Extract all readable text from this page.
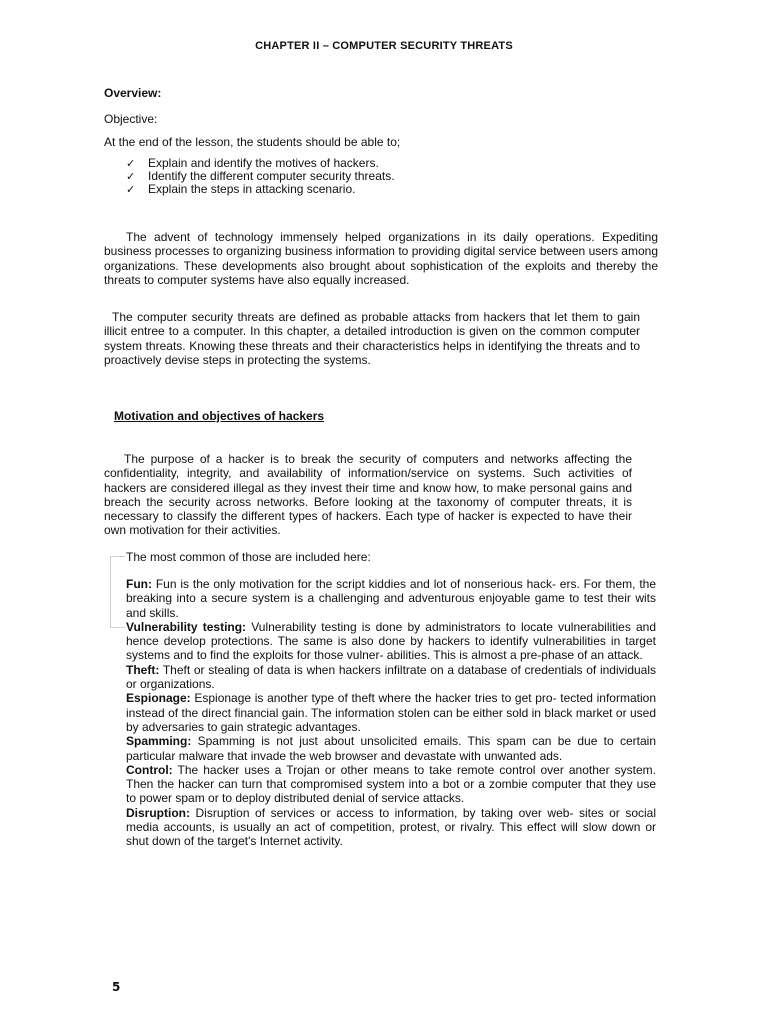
CHAPTER II – COMPUTER SECURITY THREATS
Overview:
Objective:
At the end of the lesson, the students should be able to;
✓	Explain and identify the motives of hackers.
✓	Identify the different computer security threats.
✓	Explain the steps in attacking scenario.

The advent of technology immensely helped organizations in its daily operations. Expediting business processes to organizing business information to providing digital service between users among organizations. These developments also brought about sophistication of the exploits and thereby the threats to computer systems have also equally increased.

The computer security threats are defined as probable attacks from hackers that let them to gain illicit entree to a computer. In this chapter, a detailed introduction is given on the common computer system threats. Knowing these threats and their characteristics helps in identifying the threats and to proactively devise steps in protecting the systems.

Motivation and objectives of hackers

The purpose of a hacker is to break the security of computers and networks affecting the confidentiality, integrity, and availability of information/service on systems. Such activities of hackers are considered illegal as they invest their time and know how, to make personal gains and breach the security across networks. Before looking at the taxonomy of computer threats, it is necessary to classify the different types of hackers. Each type of hacker is expected to have their own motivation for their activities.

The most common of those are included here:

Fun: Fun is the only motivation for the script kiddies and lot of nonserious hack- ers. For them, the breaking into a secure system is a challenging and adventurous enjoyable game to test their wits and skills.

Vulnerability testing: Vulnerability testing is done by administrators to locate vulnerabilities and hence develop protections. The same is also done by hackers to identify vulnerabilities in target systems and to find the exploits for those vulner- abilities. This is almost a pre-phase of an attack.

Theft: Theft or stealing of data is when hackers infiltrate on a database of credentials of individuals or organizations.

Espionage: Espionage is another type of theft where the hacker tries to get pro- tected information instead of the direct financial gain. The information stolen can be either sold in black market or used by adversaries to gain strategic advantages.

Spamming: Spamming is not just about unsolicited emails. This spam can be due to certain particular malware that invade the web browser and devastate with unwanted ads.

Control: The hacker uses a Trojan or other means to take remote control over another system. Then the hacker can turn that compromised system into a bot or a zombie computer that they use to power spam or to deploy distributed denial of service attacks.

Disruption: Disruption of services or access to information, by taking over web- sites or social media accounts, is usually an act of competition, protest, or rivalry. This effect will slow down or shut down of the target's Internet activity.

5
